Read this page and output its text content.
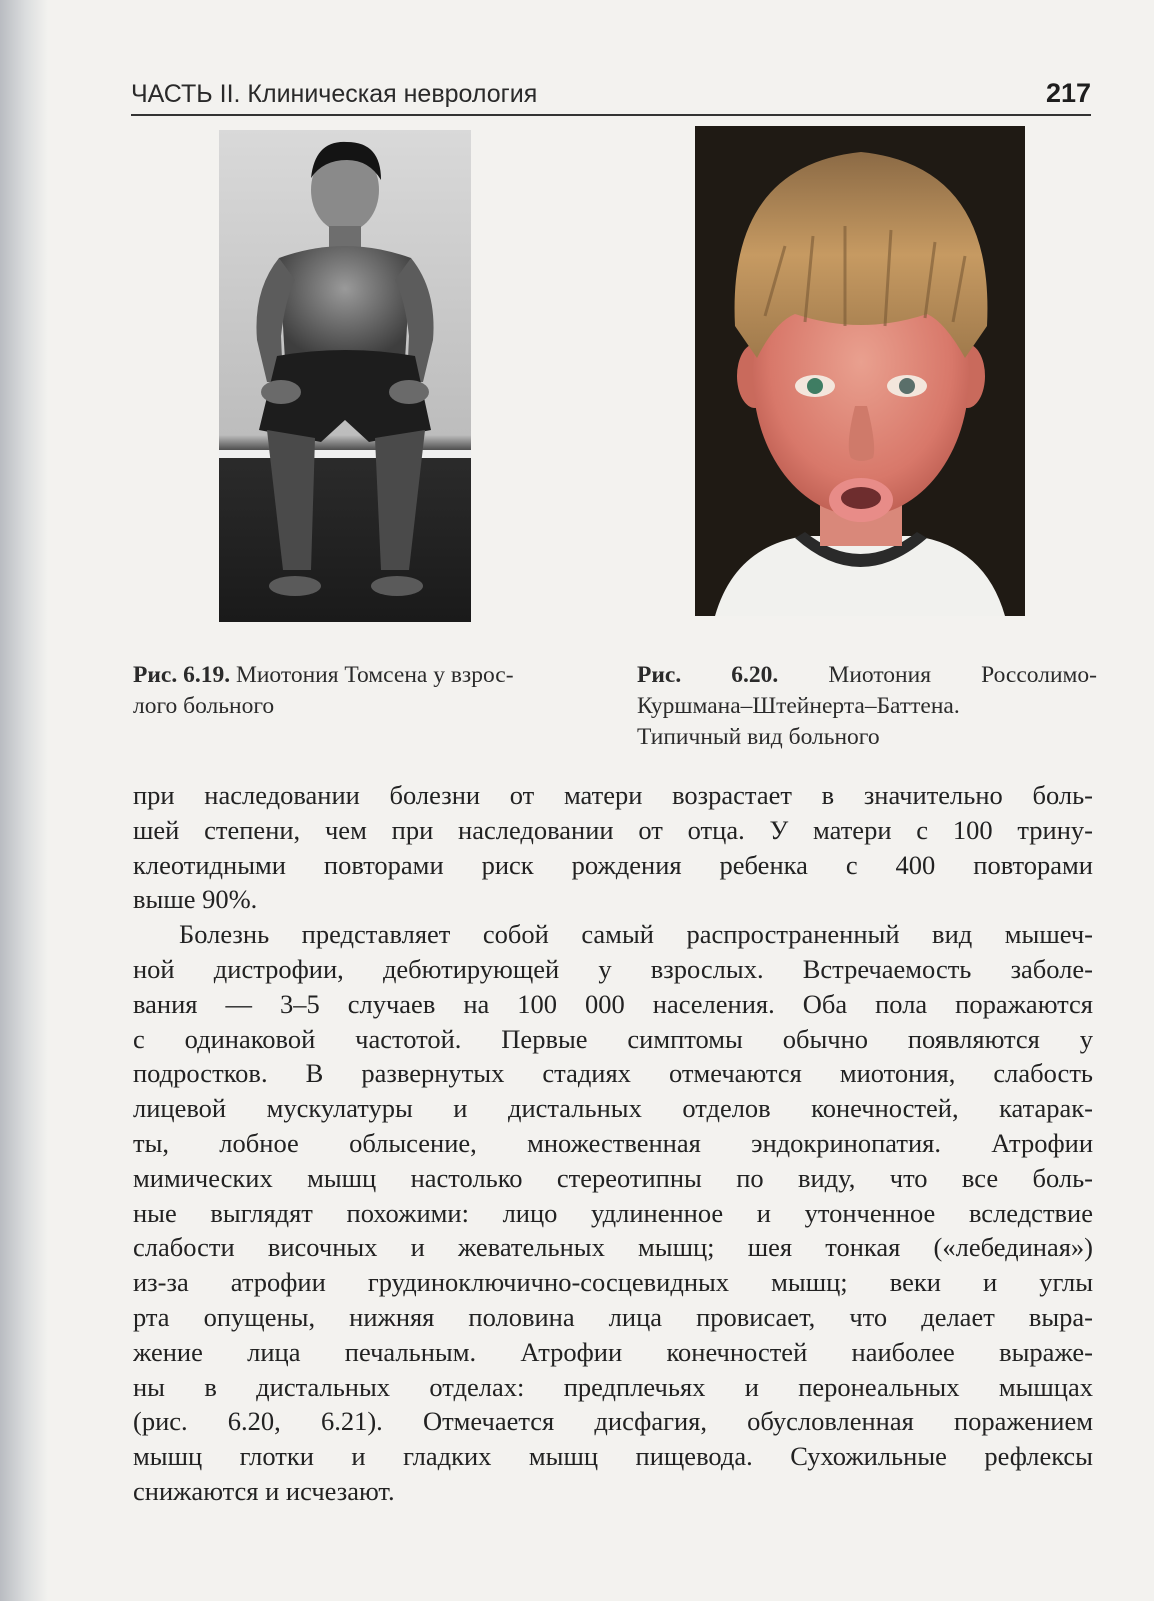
ЧАСТЬ II. Клиническая неврология	217
Рис. 6.19. Миотония Томсена у взрос-
лого больного
Рис. 6.20. Миотония Россолимо-
Куршмана–Штейнерта–Баттена.
Типичный вид больного

при наследовании болезни от матери возрастает в значительно боль-
шей степени, чем при наследовании от отца. У матери с 100 трину-
клеотидными повторами риск рождения ребенка с 400 повторами
выше 90%.

Болезнь представляет собой самый распространенный вид мышеч-
ной дистрофии, дебютирующей у взрослых. Встречаемость заболе-
вания — 3–5 случаев на 100 000 населения. Оба пола поражаются
с одинаковой частотой. Первые симптомы обычно появляются у
подростков. В развернутых стадиях отмечаются миотония, слабость
лицевой мускулатуры и дистальных отделов конечностей, катарак-
ты, лобное облысение, множественная эндокринопатия. Атрофии
мимических мышц настолько стереотипны по виду, что все боль-
ные выглядят похожими: лицо удлиненное и утонченное вследствие
слабости височных и жевательных мышц; шея тонкая («лебединая»)
из-за атрофии грудиноключично-сосцевидных мышц; веки и углы
рта опущены, нижняя половина лица провисает, что делает выра-
жение лица печальным. Атрофии конечностей наиболее выраже-
ны в дистальных отделах: предплечьях и перонеальных мышцах
(рис. 6.20, 6.21). Отмечается дисфагия, обусловленная поражением
мышц глотки и гладких мышц пищевода. Сухожильные рефлексы
снижаются и исчезают.
